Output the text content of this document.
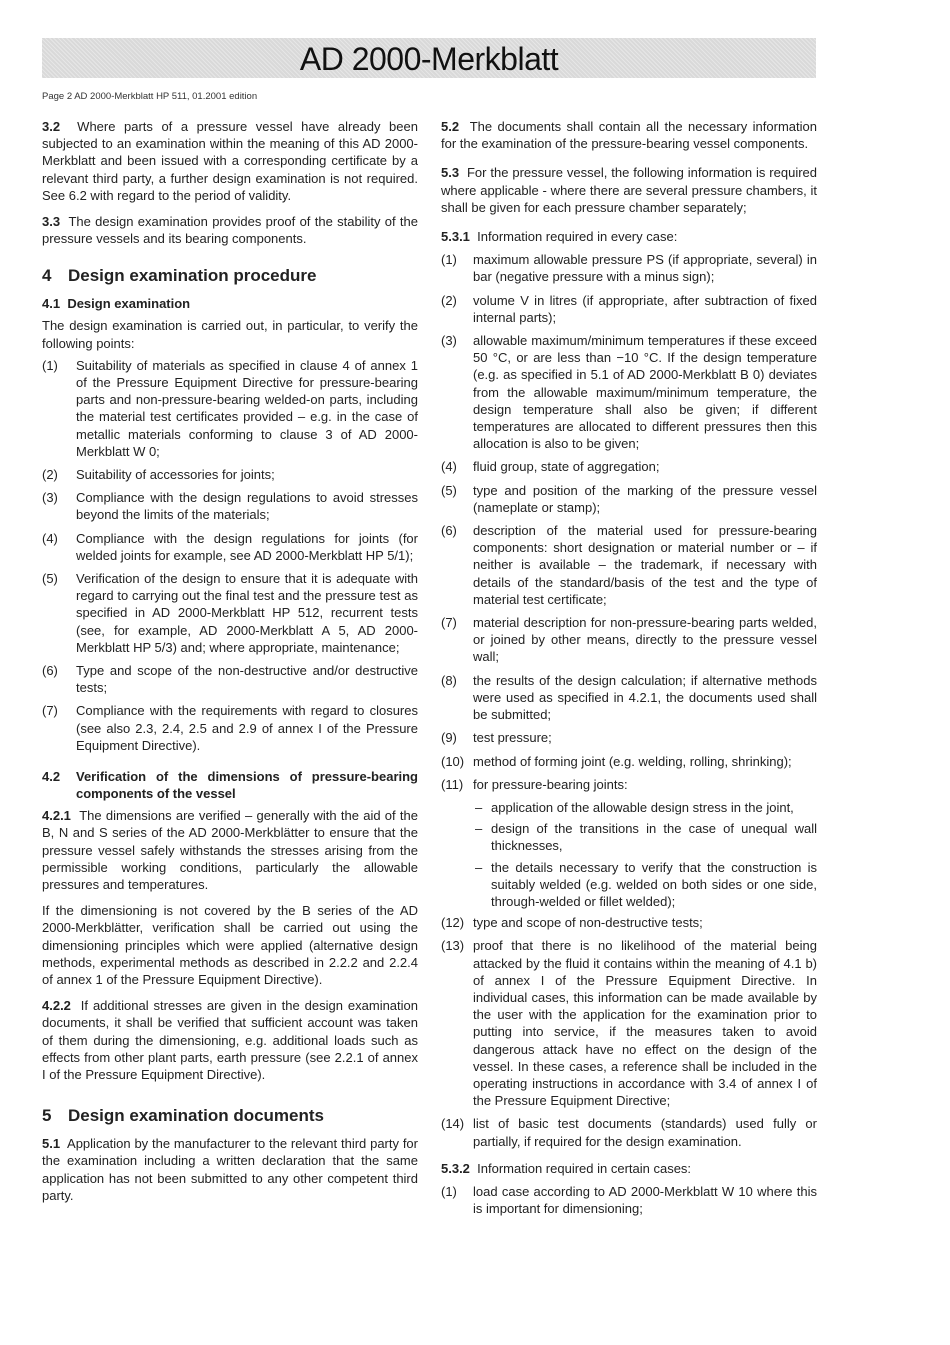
AD 2000-Merkblatt
Page 2 AD 2000-Merkblatt HP 511, 01.2001 edition

3.2 Where parts of a pressure vessel have already been subjected to an examination within the meaning of this AD 2000-Merkblatt and been issued with a corresponding certificate by a relevant third party, a further design examination is not required. See 6.2 with regard to the period of validity.

3.3 The design examination provides proof of the stability of the pressure vessels and its bearing components.

4 Design examination procedure
4.1 Design examination

The design examination is carried out, in particular, to verify the following points:

(1)	Suitability of materials as specified in clause 4 of annex 1 of the Pressure Equipment Directive for pressure-bearing parts and non-pressure-bearing welded-on parts, including the material test certificates provided – e.g. in the case of metallic materials conforming to clause 3 of AD 2000-Merkblatt W 0;
(2)	Suitability of accessories for joints;
(3)	Compliance with the design regulations to avoid stresses beyond the limits of the materials;
(4)	Compliance with the design regulations for joints (for welded joints for example, see AD 2000-Merkblatt HP 5/1);
(5)	Verification of the design to ensure that it is adequate with regard to carrying out the final test and the pressure test as specified in AD 2000-Merkblatt HP 512, recurrent tests (see, for example, AD 2000-Merkblatt A 5, AD 2000-Merkblatt HP 5/3) and; where appropriate, maintenance;
(6)	Type and scope of the non-destructive and/or destructive tests;
(7)	Compliance with the requirements with regard to closures (see also 2.3, 2.4, 2.5 and 2.9 of annex I of the Pressure Equipment Directive).
4.2	Verification of the dimensions of pressure-bearing components of the vessel

4.2.1 The dimensions are verified – generally with the aid of the B, N and S series of the AD 2000-Merkblätter to ensure that the pressure vessel safely withstands the stresses arising from the permissible working conditions, particularly the allowable pressures and temperatures.

If the dimensioning is not covered by the B series of the AD 2000-Merkblätter, verification shall be carried out using the dimensioning principles which were applied (alternative design methods, experimental methods as described in 2.2.2 and 2.2.4 of annex 1 of the Pressure Equipment Directive).

4.2.2 If additional stresses are given in the design examination documents, it shall be verified that sufficient account was taken of them during the dimensioning, e.g. additional loads such as effects from other plant parts, earth pressure (see 2.2.1 of annex I of the Pressure Equipment Directive).

5 Design examination documents

5.1 Application by the manufacturer to the relevant third party for the examination including a written declaration that the same application has not been submitted to any other competent third party.

5.2 The documents shall contain all the necessary information for the examination of the pressure-bearing vessel components.

5.3 For the pressure vessel, the following information is required where applicable - where there are several pressure chambers, it shall be given for each pressure chamber separately;

5.3.1 Information required in every case:

(1)	maximum allowable pressure PS (if appropriate, several) in bar (negative pressure with a minus sign);
(2)	volume V in litres (if appropriate, after subtraction of fixed internal parts);
(3)	allowable maximum/minimum temperatures if these exceed 50 °C, or are less than −10 °C. If the design temperature (e.g. as specified in 5.1 of AD 2000-Merkblatt B 0) deviates from the allowable maximum/minimum temperature, the design temperature shall also be given; if different temperatures are allocated to different pressures then this allocation is also to be given;
(4)	fluid group, state of aggregation;
(5)	type and position of the marking of the pressure vessel (nameplate or stamp);
(6)	description of the material used for pressure-bearing components: short designation or material number or – if neither is available – the trademark, if necessary with details of the standard/basis of the test and the type of material test certificate;
(7)	material description for non-pressure-bearing parts welded, or joined by other means, directly to the pressure vessel wall;
(8)	the results of the design calculation; if alternative methods were used as specified in 4.2.1, the documents used shall be submitted;
(9)	test pressure;
(10) method of forming joint (e.g. welding, rolling, shrinking);
(11) for pressure-bearing joints:
– application of the allowable design stress in the joint,
– design of the transitions in the case of unequal wall thicknesses,
– the details necessary to verify that the construction is suitably welded (e.g. welded on both sides or one side, through-welded or fillet welded);
(12) type and scope of non-destructive tests;
(13) proof that there is no likelihood of the material being attacked by the fluid it contains within the meaning of 4.1 b) of annex I of the Pressure Equipment Directive. In individual cases, this information can be made available by the user with the application for the examination prior to putting into service, if the measures taken to avoid dangerous attack have no effect on the design of the vessel. In these cases, a reference shall be included in the operating instructions in accordance with 3.4 of annex I of the Pressure Equipment Directive;
(14) list of basic test documents (standards) used fully or partially, if required for the design examination.

5.3.2 Information required in certain cases:

(1)	load case according to AD 2000-Merkblatt W 10 where this is important for dimensioning;
